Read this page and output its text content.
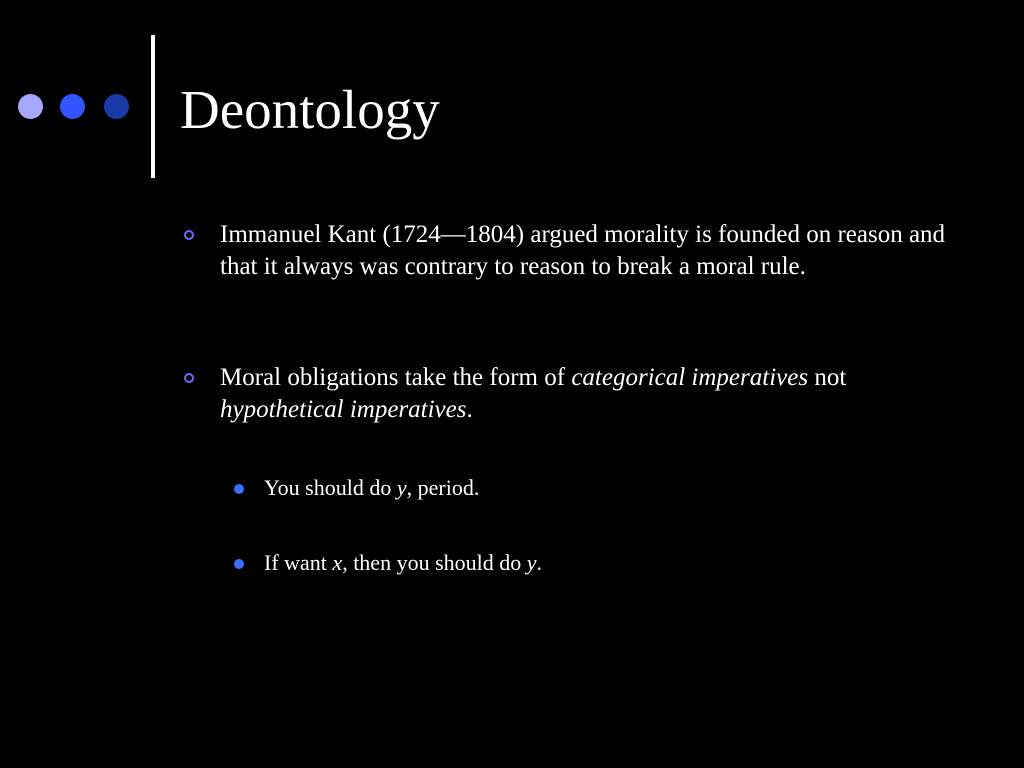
Deontology
Immanuel Kant (1724—1804) argued morality is founded on reason and that it always was contrary to reason to break a moral rule.
Moral obligations take the form of categorical imperatives not hypothetical imperatives.
You should do y, period.
If want x, then you should do y.
